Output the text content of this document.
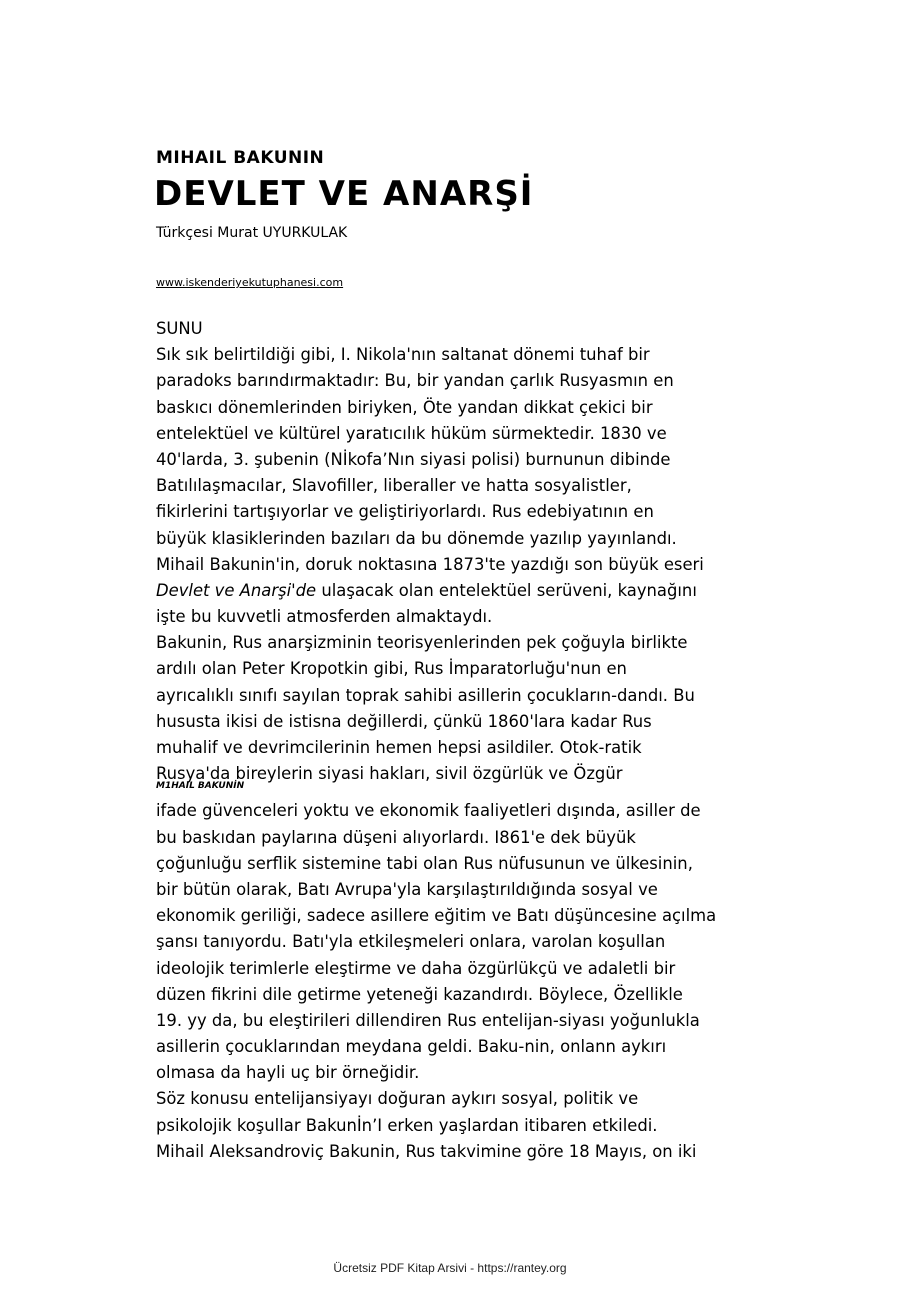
MIHAIL BAKUNIN
DEVLET VE ANARŞİ
Türkçesi Murat UYURKULAK
www.iskenderiyekutuphanesi.com
SUNU
Sık sık belirtildiği gibi, I. Nikola'nın saltanat dönemi tuhaf bir
paradoks barındırmaktadır: Bu, bir yandan çarlık Rusyasmın en
baskıcı dönemlerinden biriyken, Öte yandan dikkat çekici bir
entelektüel ve kültürel yaratıcılık hüküm sürmektedir. 1830 ve
40'larda, 3. şubenin (NİkofaʼNın siyasi polisi) burnunun dibinde
Batılılaşmacılar, Slavofiller, liberaller ve hatta sosyalistler,
fikirlerini tartışıyorlar ve geliştiriyorlardı. Rus edebiyatının en
büyük klasiklerinden bazıları da bu dönemde yazılıp yayınlandı.
Mihail Bakunin'in, doruk noktasına 1873'te yazdığı son büyük eseri
Devlet ve Anarşi'de ulaşacak olan entelektüel serüveni, kaynağını
işte bu kuvvetli atmosferden almaktaydı.
Bakunin, Rus anarşizminin teorisyenlerinden pek çoğuyla birlikte
ardılı olan Peter Kropotkin gibi, Rus İmparatorluğu'nun en
ayrıcalıklı sınıfı sayılan toprak sahibi asillerin çocukların-dandı. Bu
hususta ikisi de istisna değillerdi, çünkü 1860'lara kadar Rus
muhalif ve devrimcilerinin hemen hepsi asildiler. Otok-ratik
Rusya'da bireylerin siyasi hakları, sivil özgürlük ve Özgür
M1HAIL BAKUNİN
ifade güvenceleri yoktu ve ekonomik faaliyetleri dışında, asiller de
bu baskıdan paylarına düşeni alıyorlardı. I861'e dek büyük
çoğunluğu serflik sistemine tabi olan Rus nüfusunun ve ülkesinin,
bir bütün olarak, Batı Avrupa'yla karşılaştırıldığında sosyal ve
ekonomik geriliği, sadece asillere eğitim ve Batı düşüncesine açılma
şansı tanıyordu. Batı'yla etkileşmeleri onlara, varolan koşullan
ideolojik terimlerle eleştirme ve daha özgürlükçü ve adaletli bir
düzen fikrini dile getirme yeteneği kazandırdı. Böylece, Özellikle
19. yy da, bu eleştirileri dillendiren Rus entelijan-siyası yoğunlukla
asillerin çocuklarından meydana geldi. Baku-nin, onlann aykırı
olmasa da hayli uç bir örneğidir.
Söz konusu entelijansiyayı doğuran aykırı sosyal, politik ve
psikolojik koşullar BakunİnʼI erken yaşlardan itibaren etkiledi.
Mihail Aleksandroviç Bakunin, Rus takvimine göre 18 Mayıs, on iki
Ücretsiz PDF Kitap Arsivi - https://rantey.org
